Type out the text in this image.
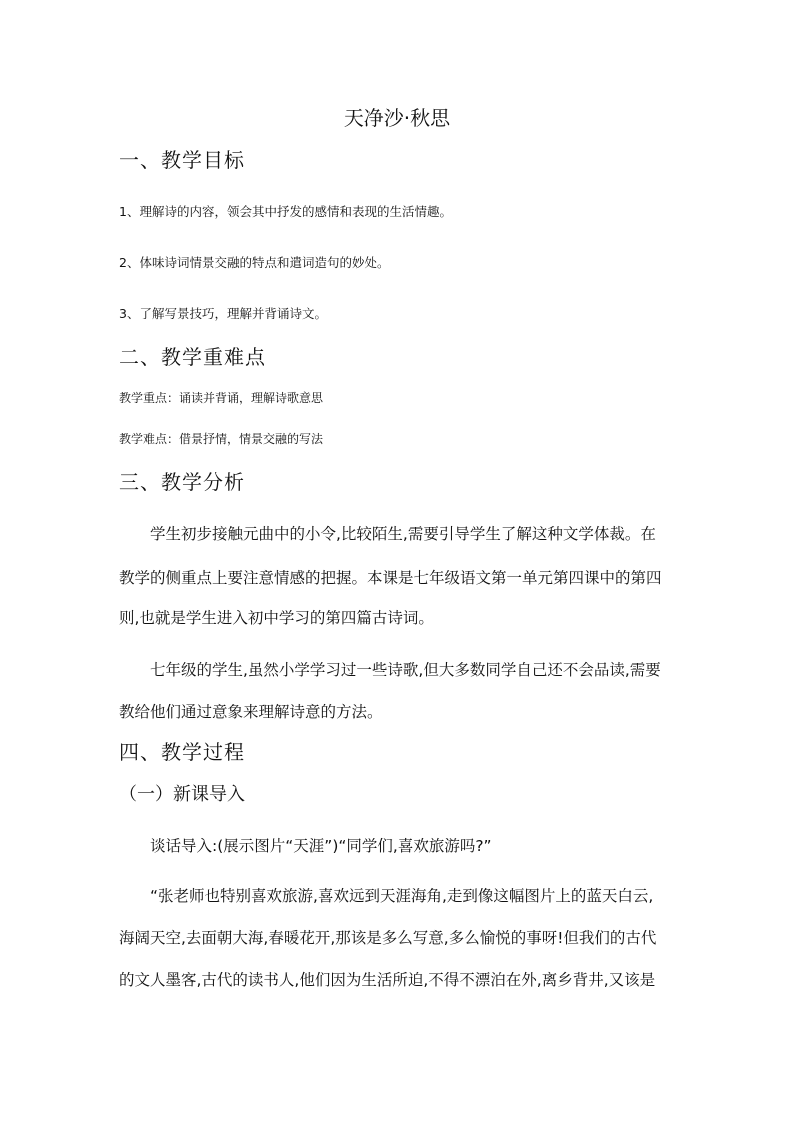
天净沙·秋思
一、教学目标
1、理解诗的内容，领会其中抒发的感情和表现的生活情趣。
2、体味诗词情景交融的特点和遣词造句的妙处。
3、了解写景技巧，理解并背诵诗文。
二、教学重难点
教学重点：诵读并背诵，理解诗歌意思
教学难点：借景抒情，情景交融的写法
三、教学分析
学生初步接触元曲中的小令,比较陌生,需要引导学生了解这种文学体裁。在
教学的侧重点上要注意情感的把握。本课是七年级语文第一单元第四课中的第四
则,也就是学生进入初中学习的第四篇古诗词。
七年级的学生,虽然小学学习过一些诗歌,但大多数同学自己还不会品读,需要
教给他们通过意象来理解诗意的方法。
四、教学过程
（一）新课导入
谈话导入:(展示图片“天涯”)“同学们,喜欢旅游吗?”
“张老师也特别喜欢旅游,喜欢远到天涯海角,走到像这幅图片上的蓝天白云,
海阔天空,去面朝大海,春暖花开,那该是多么写意,多么愉悦的事呀!但我们的古代
的文人墨客,古代的读书人,他们因为生活所迫,不得不漂泊在外,离乡背井,又该是
